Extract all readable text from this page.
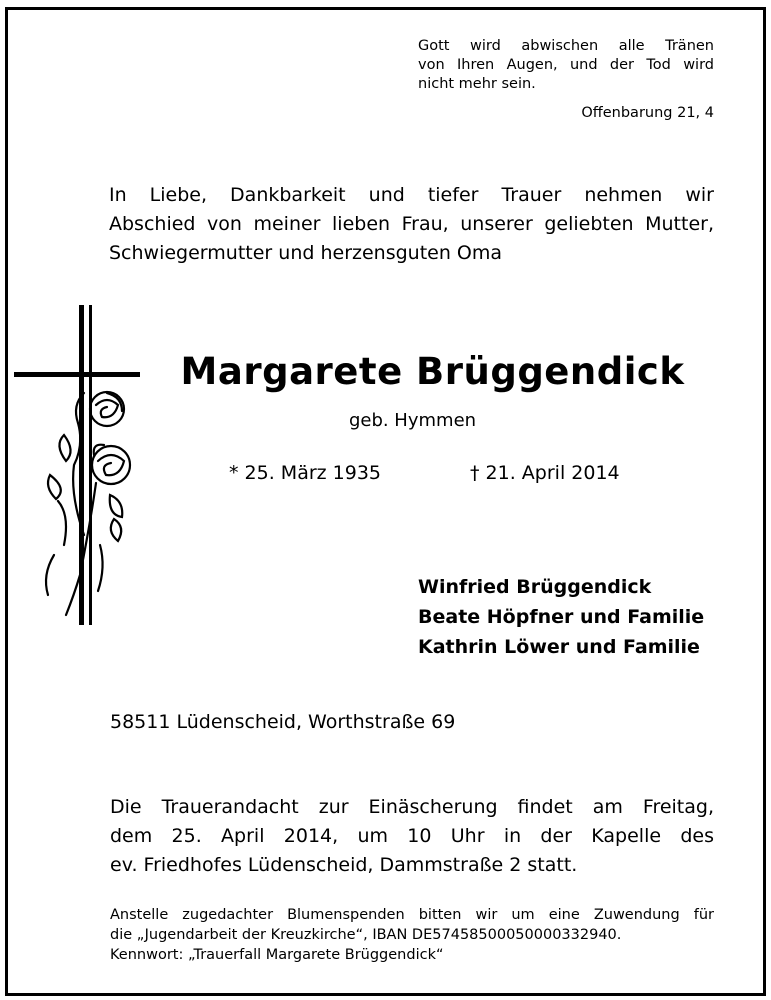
Gott wird abwischen alle Tränen
von Ihren Augen, und der Tod wird
nicht mehr sein.
Offenbarung 21, 4
In Liebe, Dankbarkeit und tiefer Trauer nehmen wir
Abschied von meiner lieben Frau, unserer geliebten Mutter,
Schwiegermutter und herzensguten Oma
Margarete Brüggendick
geb. Hymmen
* 25. März 1935	† 21. April 2014
Winfried Brüggendick
Beate Höpfner und Familie
Kathrin Löwer und Familie
58511 Lüdenscheid, Worthstraße 69
Die Trauerandacht zur Einäscherung findet am Freitag,
dem 25. April 2014, um 10 Uhr in der Kapelle des
ev. Friedhofes Lüdenscheid, Dammstraße 2 statt.
Anstelle zugedachter Blumenspenden bitten wir um eine Zuwendung für
die „Jugendarbeit der Kreuzkirche“, IBAN DE57458500050000332940.
Kennwort: „Trauerfall Margarete Brüggendick“
